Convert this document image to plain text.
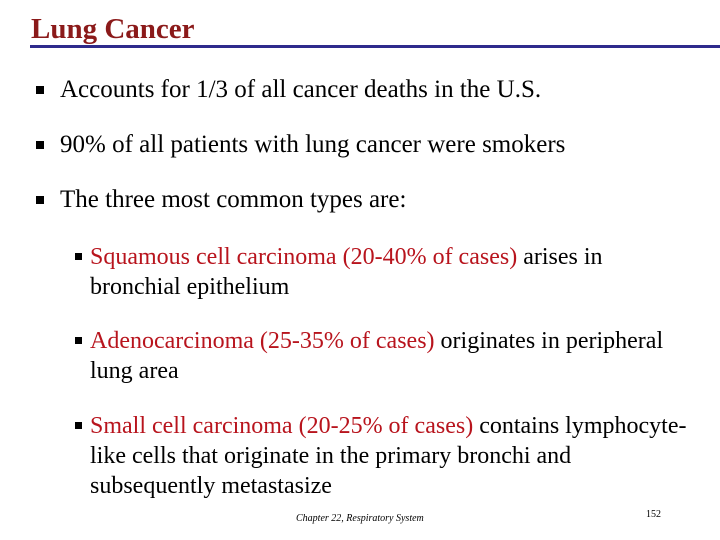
Lung Cancer
Accounts for 1/3 of all cancer deaths in the U.S.
90% of all patients with lung cancer were smokers
The three most common types are:
Squamous cell carcinoma (20-40% of cases) arises in bronchial epithelium
Adenocarcinoma (25-35% of cases) originates in peripheral lung area
Small cell carcinoma (20-25% of cases) contains lymphocyte-like cells that originate in the primary bronchi and subsequently metastasize
Chapter 22, Respiratory System	152
